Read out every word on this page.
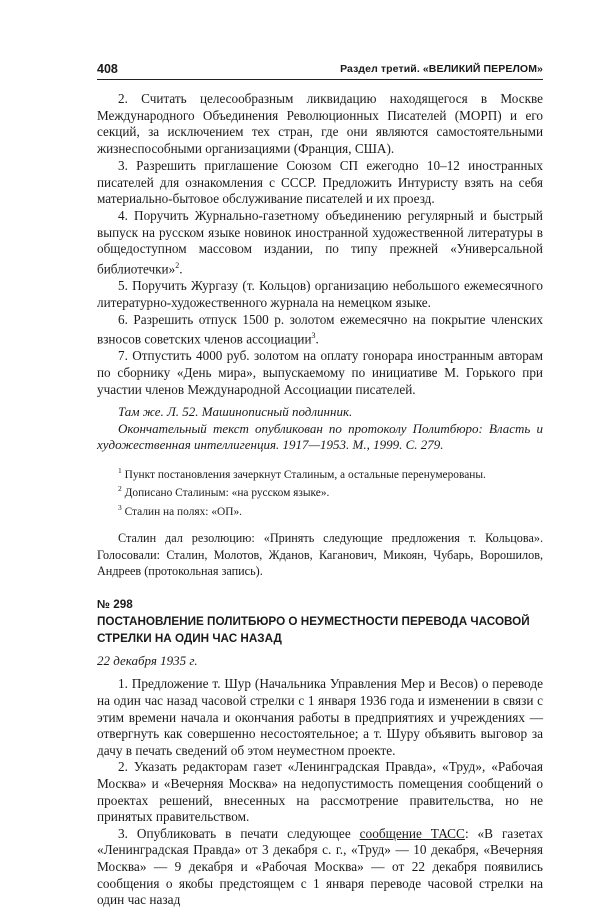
408	Раздел третий. «ВЕЛИКИЙ ПЕРЕЛОМ»

2. Считать целесообразным ликвидацию находящегося в Москве Международного Объединения Революционных Писателей (МОРП) и его секций, за исключением тех стран, где они являются самостоятельными жизнеспособными организациями (Франция, США).

3. Разрешить приглашение Союзом СП ежегодно 10–12 иностранных писателей для ознакомления с СССР. Предложить Интуристу взять на себя материально-бытовое обслуживание писателей и их проезд.

4. Поручить Журнально-газетному объединению регулярный и быстрый выпуск на русском языке новинок иностранной художественной литературы в общедоступном массовом издании, по типу прежней «Универсальной библиотечки»$^2$.

5. Поручить Жургазу (т. Кольцов) организацию небольшого ежемесячного литературно-художественного журнала на немецком языке.

6. Разрешить отпуск 1500 р. золотом ежемесячно на покрытие членских взносов советских членов ассоциации$^3$.

7. Отпустить 4000 руб. золотом на оплату гонорара иностранным авторам по сборнику «День мира», выпускаемому по инициативе М. Горького при участии членов Международной Ассоциации писателей.

Там же. Л. 52. Машинописный подлинник.

Окончательный текст опубликован по протоколу Политбюро: Власть и художественная интеллигенция. 1917—1953. М., 1999. С. 279.

$^1$ Пункт постановления зачеркнут Сталиным, а остальные перенумерованы.

$^2$ Дописано Сталиным: «на русском языке».

$^3$ Сталин на полях: «ОП».

Сталин дал резолюцию: «Принять следующие предложения т. Кольцова». Голосовали: Сталин, Молотов, Жданов, Каганович, Микоян, Чубарь, Ворошилов, Андреев (протокольная запись).

№ 298

ПОСТАНОВЛЕНИЕ ПОЛИТБЮРО О НЕУМЕСТНОСТИ ПЕРЕВОДА ЧАСОВОЙ СТРЕЛКИ НА ОДИН ЧАС НАЗАД

22 декабря 1935 г.

1. Предложение т. Шур (Начальника Управления Мер и Весов) о переводе на один час назад часовой стрелки с 1 января 1936 года и изменении в связи с этим времени начала и окончания работы в предприятиях и учреждениях — отвергнуть как совершенно несостоятельное; а т. Шуру объявить выговор за дачу в печать сведений об этом неуместном проекте.

2. Указать редакторам газет «Ленинградская Правда», «Труд», «Рабочая Москва» и «Вечерняя Москва» на недопустимость помещения сообщений о проектах решений, внесенных на рассмотрение правительства, но не принятых правительством.

3. Опубликовать в печати следующее сообщение ТАСС: «В газетах «Ленинградская Правда» от 3 декабря с. г., «Труд» — 10 декабря, «Вечерняя Москва» — 9 декабря и «Рабочая Москва» — от 22 декабря появились сообщения о якобы предстоящем с 1 января переводе часовой стрелки на один час назад
